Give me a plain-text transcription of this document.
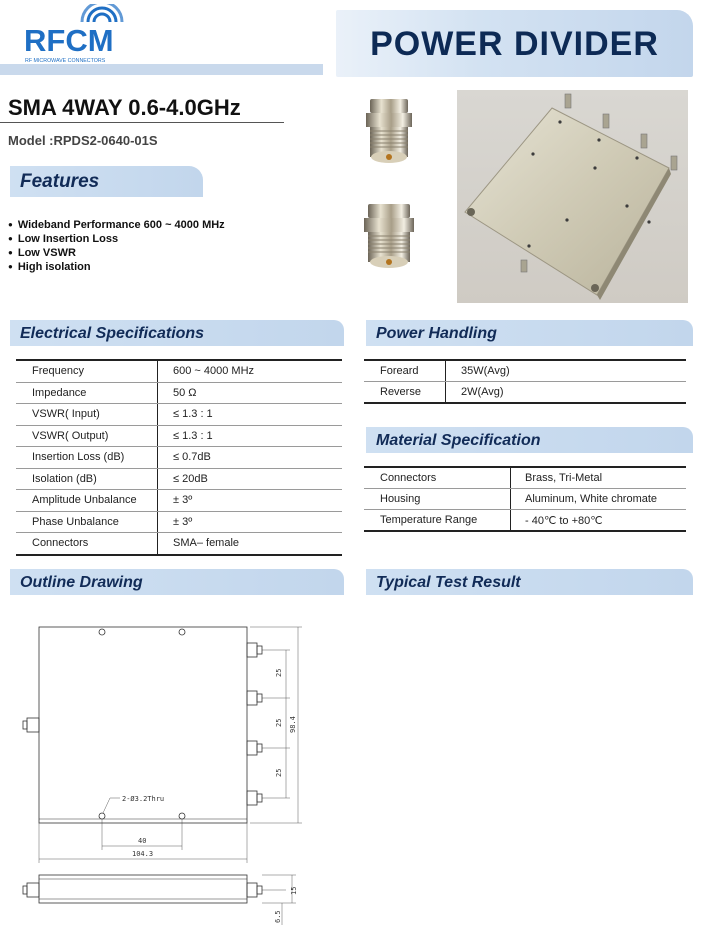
RFCM
RF MICROWAVE CONNECTORS	POWER DIVIDER
SMA 4WAY 0.6-4.0GHz
Model :RPDS2-0640-01S
Features
● Wideband Performance 600 ~ 4000 MHz
● Low Insertion Loss
● Low VSWR
● High isolation
Electrical Specifications
Frequency	600 ~ 4000 MHz
Impedance	50 Ω
VSWR( Input)	≤ 1.3 : 1
VSWR( Output)	≤ 1.3 : 1
Insertion Loss (dB)	≤ 0.7dB
Isolation (dB)	≤ 20dB
Amplitude Unbalance	± 3º
Phase Unbalance	± 3º
Connectors	SMA– female
Power Handling
Foreard	35W(Avg)
Reverse	2W(Avg)
Material Specification
Connectors	Brass, Tri-Metal
Housing	Aluminum, White chromate
Temperature Range	- 40℃ to +80℃
Outline Drawing	Typical Test Result
2-Ø3.2Thru
40
104.3
25
25
25
98.4
15
6.5
